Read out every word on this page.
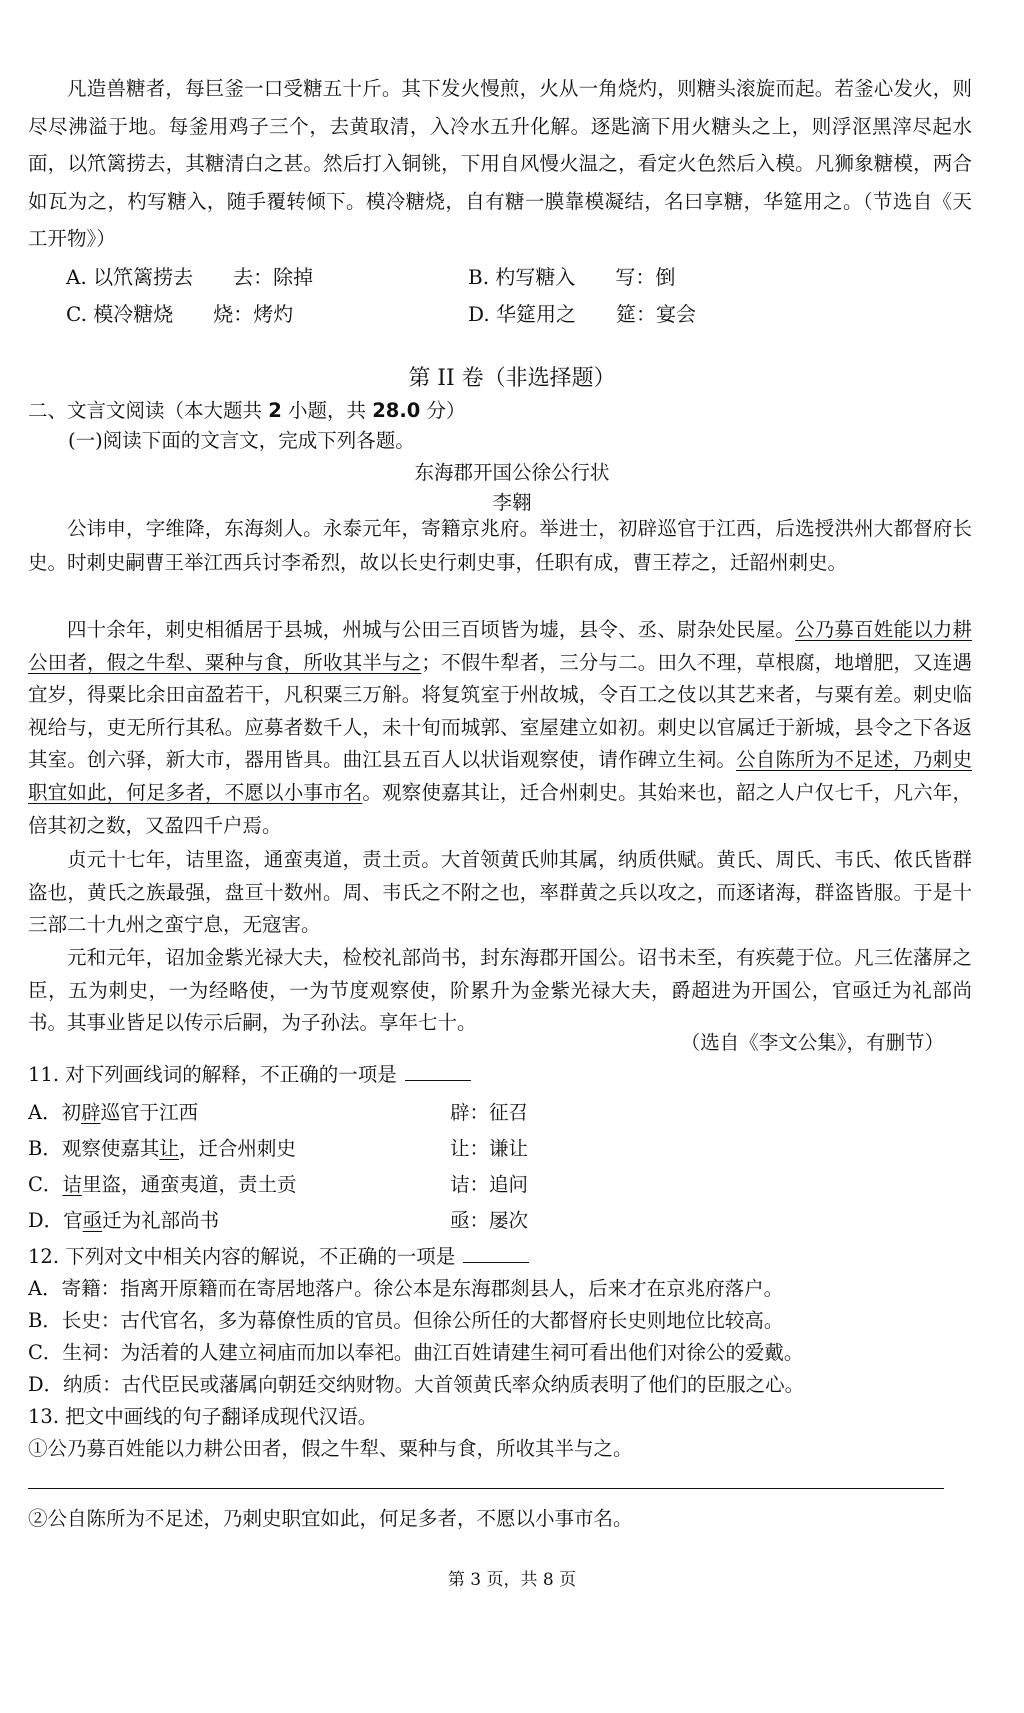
凡造兽糖者，每巨釜一口受糖五十斤。其下发火慢煎，火从一角烧灼，则糖头滚旋而起。若釜心发火，则尽尽沸溢于地。每釜用鸡子三个，去黄取清，入冷水五升化解。逐匙滴下用火糖头之上，则浮沤黑滓尽起水面，以笊篱捞去，其糖清白之甚。然后打入铜铫，下用自风慢火温之，看定火色然后入模。凡狮象糖模，两合如瓦为之，杓写糖入，随手覆转倾下。模冷糖烧，自有糖一膜靠模凝结，名曰享糖，华筵用之。（节选自《天工开物》）

A. 以笊篱捞去　　去：除掉	B. 杓写糖入　　写：倒
C. 模冷糖烧　　烧：烤灼	D. 华筵用之　　筵：宴会
第 II 卷（非选择题）
二、文言文阅读（本大题共 2 小题，共 28.0 分）
(一)阅读下面的文言文，完成下列各题。
东海郡开国公徐公行状
李翱

公讳申，字维降，东海剡人。永泰元年，寄籍京兆府。举进士，初辟巡官于江西，后选授洪州大都督府长史。时刺史嗣曹王举江西兵讨李希烈，故以长史行刺史事，任职有成，曹王荐之，迁韶州刺史。

四十余年，刺史相循居于县城，州城与公田三百顷皆为墟，县令、丞、尉杂处民屋。公乃募百姓能以力耕公田者，假之牛犁、粟种与食，所收其半与之；不假牛犁者，三分与二。田久不理，草根腐，地增肥，又连遇宜岁，得粟比余田亩盈若干，凡积粟三万斛。将复筑室于州故城，令百工之伎以其艺来者，与粟有差。刺史临视给与，吏无所行其私。应募者数千人，未十旬而城郭、室屋建立如初。刺史以官属迁于新城，县令之下各返其室。创六驿，新大市，器用皆具。曲江县五百人以状诣观察使，请作碑立生祠。公自陈所为不足述，乃刺史职宜如此，何足多者，不愿以小事市名。观察使嘉其让，迁合州刺史。其始来也，韶之人户仅七千，凡六年，倍其初之数，又盈四千户焉。

贞元十七年，诘里盗，通蛮夷道，责土贡。大首领黄氏帅其属，纳质供赋。黄氏、周氏、韦氏、侬氏皆群盗也，黄氏之族最强，盘亘十数州。周、韦氏之不附之也，率群黄之兵以攻之，而逐诸海，群盗皆服。于是十三部二十九州之蛮宁息，无寇害。

元和元年，诏加金紫光禄大夫，检校礼部尚书，封东海郡开国公。诏书未至，有疾薨于位。凡三佐藩屏之臣，五为刺史，一为经略使，一为节度观察使，阶累升为金紫光禄大夫，爵超进为开国公，官亟迁为礼部尚书。其事业皆足以传示后嗣，为子孙法。享年七十。

（选自《李文公集》，有删节）
11. 对下列画线词的解释，不正确的一项是
A．初辟巡官于江西	辟：征召
B．观察使嘉其让，迁合州刺史	让：谦让
C．诘里盗，通蛮夷道，责土贡	诘：追问
D．官亟迁为礼部尚书	亟：屡次
12. 下列对文中相关内容的解说，不正确的一项是
A．寄籍：指离开原籍而在寄居地落户。徐公本是东海郡剡县人，后来才在京兆府落户。
B．长史：古代官名，多为幕僚性质的官员。但徐公所任的大都督府长史则地位比较高。
C．生祠：为活着的人建立祠庙而加以奉祀。曲江百姓请建生祠可看出他们对徐公的爱戴。
D．纳质：古代臣民或藩属向朝廷交纳财物。大首领黄氏率众纳质表明了他们的臣服之心。
13. 把文中画线的句子翻译成现代汉语。
①公乃募百姓能以力耕公田者，假之牛犁、粟种与食，所收其半与之。
②公自陈所为不足述，乃刺史职宜如此，何足多者，不愿以小事市名。
第 3 页，共 8 页
